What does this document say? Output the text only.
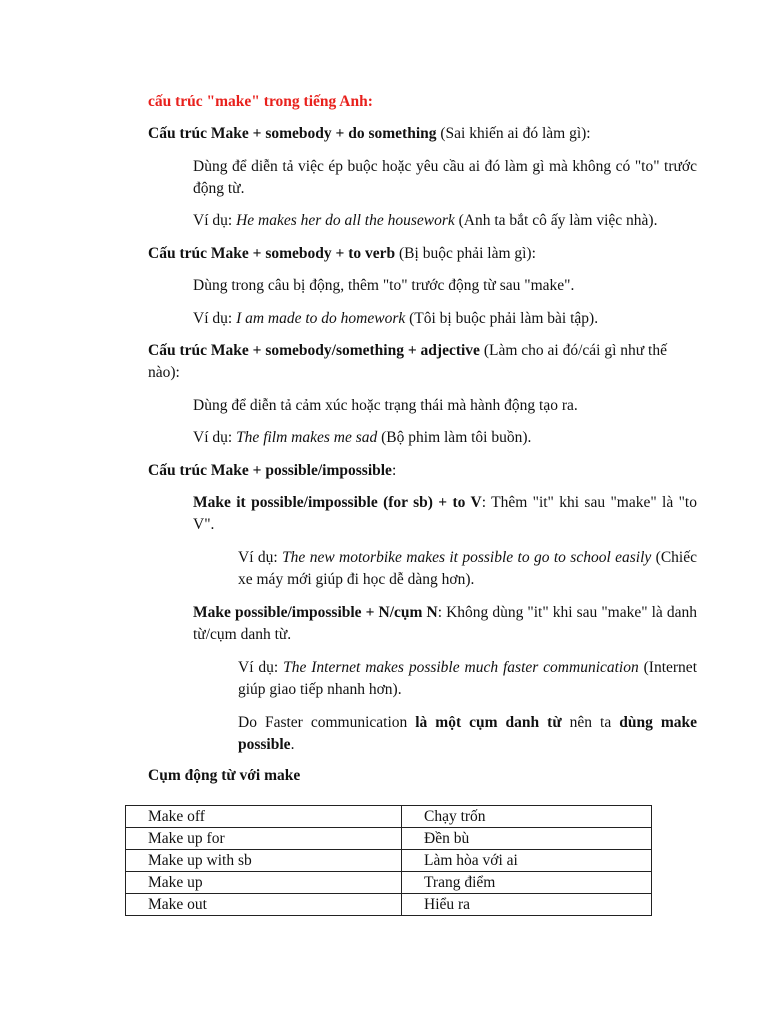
cấu trúc "make" trong tiếng Anh:

Cấu trúc Make + somebody + do something (Sai khiến ai đó làm gì):

Dùng để diễn tả việc ép buộc hoặc yêu cầu ai đó làm gì mà không có "to" trước động từ.

Ví dụ: He makes her do all the housework (Anh ta bắt cô ấy làm việc nhà).

Cấu trúc Make + somebody + to verb (Bị buộc phải làm gì):

Dùng trong câu bị động, thêm "to" trước động từ sau "make".

Ví dụ: I am made to do homework (Tôi bị buộc phải làm bài tập).

Cấu trúc Make + somebody/something + adjective (Làm cho ai đó/cái gì như thế nào):

Dùng để diễn tả cảm xúc hoặc trạng thái mà hành động tạo ra.

Ví dụ: The film makes me sad (Bộ phim làm tôi buồn).

Cấu trúc Make + possible/impossible:

Make it possible/impossible (for sb) + to V: Thêm "it" khi sau "make" là "to V".

Ví dụ: The new motorbike makes it possible to go to school easily (Chiếc xe máy mới giúp đi học dễ dàng hơn).

Make possible/impossible + N/cụm N: Không dùng "it" khi sau "make" là danh từ/cụm danh từ.

Ví dụ: The Internet makes possible much faster communication (Internet giúp giao tiếp nhanh hơn).

Do Faster communication là một cụm danh từ nên ta dùng make possible.

Cụm động từ với make

Make off	Chạy trốn
Make up for	Đền bù
Make up with sb	Làm hòa với ai
Make up	Trang điểm
Make out	Hiểu ra
